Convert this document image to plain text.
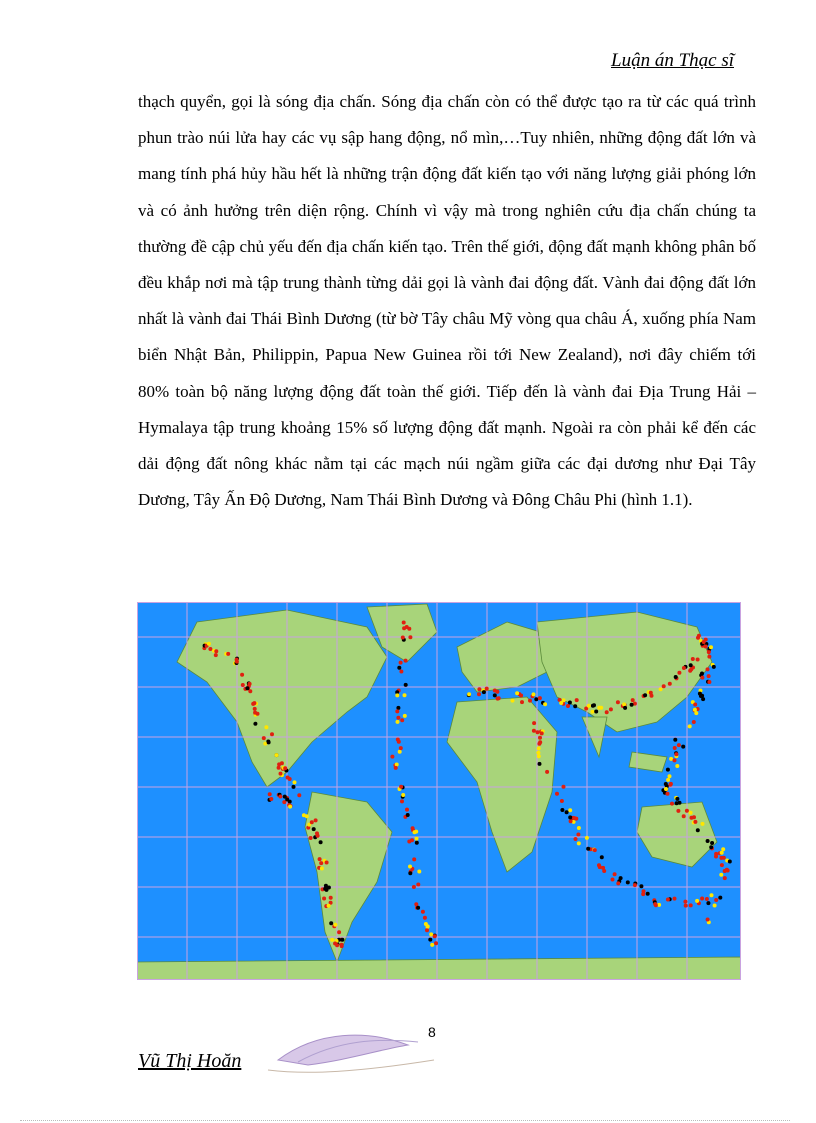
Luận án Thạc sĩ

thạch quyển, gọi là sóng địa chấn. Sóng địa chấn còn có thể được tạo ra từ các quá trình phun trào núi lửa hay các vụ sập hang động, nổ mìn,…Tuy nhiên, những động đất lớn và mang tính phá hủy hầu hết là những trận động đất kiến tạo với năng lượng giải phóng lớn và có ảnh hưởng trên diện rộng. Chính vì vậy mà trong nghiên cứu địa chấn chúng ta thường đề cập chủ yếu đến địa chấn kiến tạo. Trên thế giới, động đất mạnh không phân bố đều khắp nơi mà tập trung thành từng dải gọi là vành đai động đất. Vành đai động đất lớn nhất là vành đai Thái Bình Dương (từ bờ Tây châu Mỹ vòng qua châu Á, xuống phía Nam biển Nhật Bản, Philippin, Papua New Guinea rồi tới New Zealand), nơi đây chiếm tới 80% toàn bộ năng lượng động đất toàn thế giới. Tiếp đến là vành đai Địa Trung Hải – Hymalaya tập trung khoảng 15% số lượng động đất mạnh. Ngoài ra còn phải kể đến các dải động đất nông khác nằm tại các mạch núi ngầm giữa các đại dương như Đại Tây Dương, Tây Ấn Độ Dương, Nam Thái Bình Dương và Đông Châu Phi (hình 1.1).

8
Vũ Thị Hoăn
